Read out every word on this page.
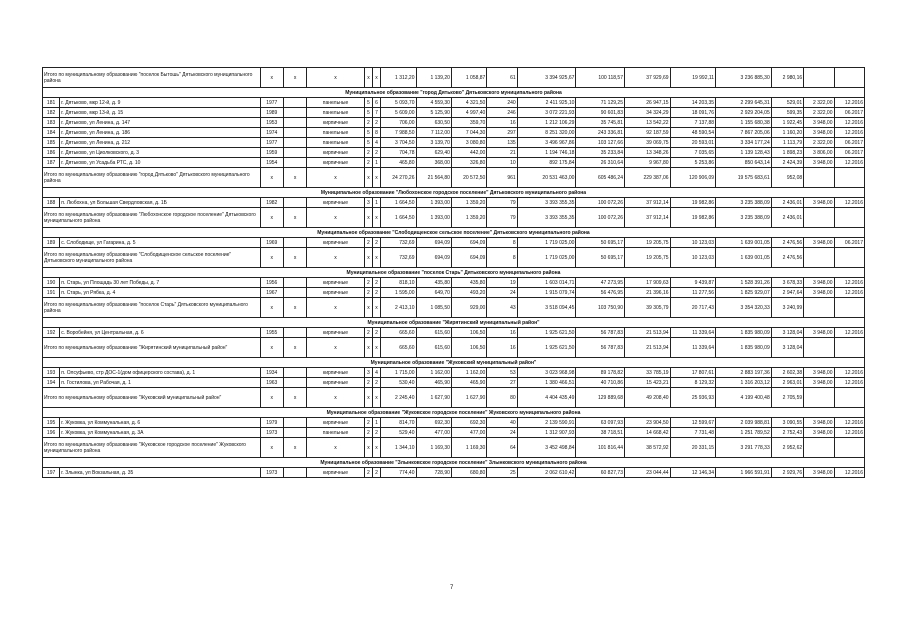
Итого по муниципальному образованию "поселок Бытошь" Дятьковского муниципального района		x	x	x	x	x	1 312,20	1 139,20	1 058,87	61	3 394 925,67	100 118,57	37 929,69	19 992,11	3 236 885,30	2 980,16		
Муниципальное образование "город Дятьково" Дятьковского муниципального района																		
181	г. Дятьково, мкр 12-й, д. 9	1977		панельные	5	6	5 093,70	4 559,30	4 321,50	240	2 411 925,10	71 129,25	26 947,15	14 203,35	2 299 645,31	529,01	2 322,00	12.2016
182	г. Дятьково, мкр 13-й, д. 15	1989		панельные	5	7	5 609,00	5 125,90	4 997,40	246	3 072 221,93	90 601,83	34 324,29	18 091,76	2 929 204,05	599,35	2 322,00	06.2017
183	г. Дятьково, ул Ленина, д. 147	1953		кирпичные	2	2	706,00	630,50	359,70	16	1 212 106,29	35 745,81	13 542,22	7 137,88	1 155 680,38	1 922,45	3 948,00	12.2016
184	г. Дятьково, ул Ленина, д. 186	1974		панельные	5	8	7 988,50	7 112,00	7 044,30	297	8 251 320,00	243 336,81	92 187,59	48 590,54	7 867 205,06	1 160,20	3 948,00	12.2016
185	г. Дятьково, ул Ленина, д. 212	1977		панельные	5	4	3 704,50	3 139,70	3 080,80	135	3 496 967,86	103 127,66	39 069,75	20 593,01	3 334 177,24	1 113,79	2 322,00	06.2017
186	г. Дятьково, ул Циолковского, д. 3	1959		кирпичные	2	2	704,78	629,40	442,00	21	1 194 746,18	35 233,84	13 348,26	7 035,65	1 139 128,43	1 898,23	3 806,00	06.2017
187	г. Дятьково, ул Усадьба РТС, д. 10	1954		кирпичные	2	1	465,80	368,00	326,80	10	892 175,84	26 310,64	9 967,80	5 253,86	850 643,14	2 424,39	3 948,00	12.2016
Итого по муниципальному образованию "город Дятьково" Дятьковского муниципального района		x	x	x	x	x	24 270,26	21 564,80	20 572,50	961	20 531 463,00	605 486,24	229 387,06	120 906,09	19 575 683,61	952,08		
Муниципальное образование "Любохонское городское поселение" Дятьковского муниципального района																		
188	п. Любохна, ул Большая Свердловская, д. 1Б	1982		кирпичные	3	1	1 664,50	1 393,00	1 359,20	79	3 393 355,35	100 072,26	37 912,14	19 982,86	3 235 388,09	2 436,01	3 948,00	12.2016
Итого по муниципальному образованию "Любохонское городское поселение" Дятьковского муниципального района		x	x	x	x	x	1 664,50	1 393,00	1 359,20	79	3 393 355,35	100 072,26	37 912,14	19 982,86	3 235 388,09	2 436,01		
Муниципальное образование "Слободищенское сельское поселение" Дятьковского муниципального района																		
189	с. Слободище, ул Гагарина, д. 5	1969		кирпичные	2	2	732,69	694,09	694,09	8	1 719 025,00	50 695,17	19 205,75	10 123,03	1 639 001,05	2 476,56	3 948,00	06.2017
Итого по муниципальному образованию "Слободищенское сельское поселение" Дятьковского муниципального района		x	x	x	x	x	732,69	694,09	694,09	8	1 719 025,00	50 695,17	19 205,75	10 123,03	1 639 001,05	2 476,56		
Муниципальное образование "поселок Старь" Дятьковского муниципального района																		
190	п. Старь, ул Площадь 30 лет Победы, д. 7	1956		кирпичные	2	2	818,10	435,80	435,80	19	1 603 014,71	47 273,95	17 909,63	9 439,87	1 528 391,26	3 678,33	3 948,00	12.2016
191	п. Старь, ул Рябка, д. 4	1967		кирпичные	2	2	1 595,00	649,70	493,20	24	1 915 079,74	56 476,95	21 396,16	11 277,56	1 825 929,07	2 947,64	3 948,00	12.2016
Итого по муниципальному образованию "поселок Старь" Дятьковского муниципального района		x	x	x	x	x	2 413,10	1 085,50	929,00	43	3 518 094,45	103 750,90	39 305,79	20 717,43	3 354 320,33	3 240,99		
Муниципальное образование "Жирятинский муниципальный район"																		
192	с. Воробейня, ул Центральная, д. 6	1955		кирпичные	2	2	665,60	615,60	106,50	16	1 925 621,50	56 787,83	21 513,94	11 339,64	1 835 980,09	3 128,04	3 948,00	12.2016
Итого по муниципальному образованию "Жирятинский муниципальный район"		x	x	x	x	x	665,60	615,60	106,50	16	1 925 621,50	56 787,83	21 513,94	11 339,64	1 835 980,09	3 128,04		
Муниципальное образование "Жуковский муниципальный район"																		
193	п. Олсуфьево, стр ДОС-1(дом офицерского состава), д. 1	1934		кирпичные	3	4	1 715,00	1 162,00	1 162,00	53	3 023 968,98	89 178,82	33 785,19	17 807,61	2 883 197,36	2 602,38	3 948,00	12.2016
194	п. Гостилова, ул Рабочая, д. 1	1963		кирпичные	2	2	530,40	465,90	465,90	27	1 380 466,51	40 710,86	15 423,21	8 129,32	1 316 203,12	2 963,01	3 948,00	12.2016
Итого по муниципальному образованию "Жуковский муниципальный район"		x	x	x	x	x	2 245,40	1 627,90	1 627,90	80	4 404 435,49	129 889,68	49 208,40	25 936,93	4 199 400,48	2 705,59		
Муниципальное образование "Жуковское городское поселение" Жуковского муниципального района																		
195	г. Жуковка, ул Коммунальная, д. 6	1979		кирпичные	2	1	814,70	692,30	692,30	40	2 139 590,91	63 097,93	23 904,50	12 599,67	2 039 988,81	3 090,55	3 948,00	12.2016
196	г. Жуковка, ул Коммунальная, д. 3А	1973		панельные	2	2	529,40	477,00	477,00	24	1 312 907,93	38 718,51	14 668,42	7 731,48	1 251 789,52	2 752,43	3 948,00	12.2016
Итого по муниципальному образованию "Жуковское городское поселение" Жуковского муниципального района		x	x	x	x	x	1 344,10	1 169,30	1 169,30	64	3 452 498,84	101 816,44	38 572,92	20 331,15	3 291 778,33	2 952,62		
Муниципальное образование "Злынковское городское поселение" Злынковского муниципального района																		
197	г. Злынка, ул Вокзальная, д. 35	1973		кирпичные	2	2	774,40	728,90	680,80	25	2 062 610,42	60 827,73	23 044,44	12 146,34	1 966 591,91	2 929,76	3 948,00	12.2016
7
